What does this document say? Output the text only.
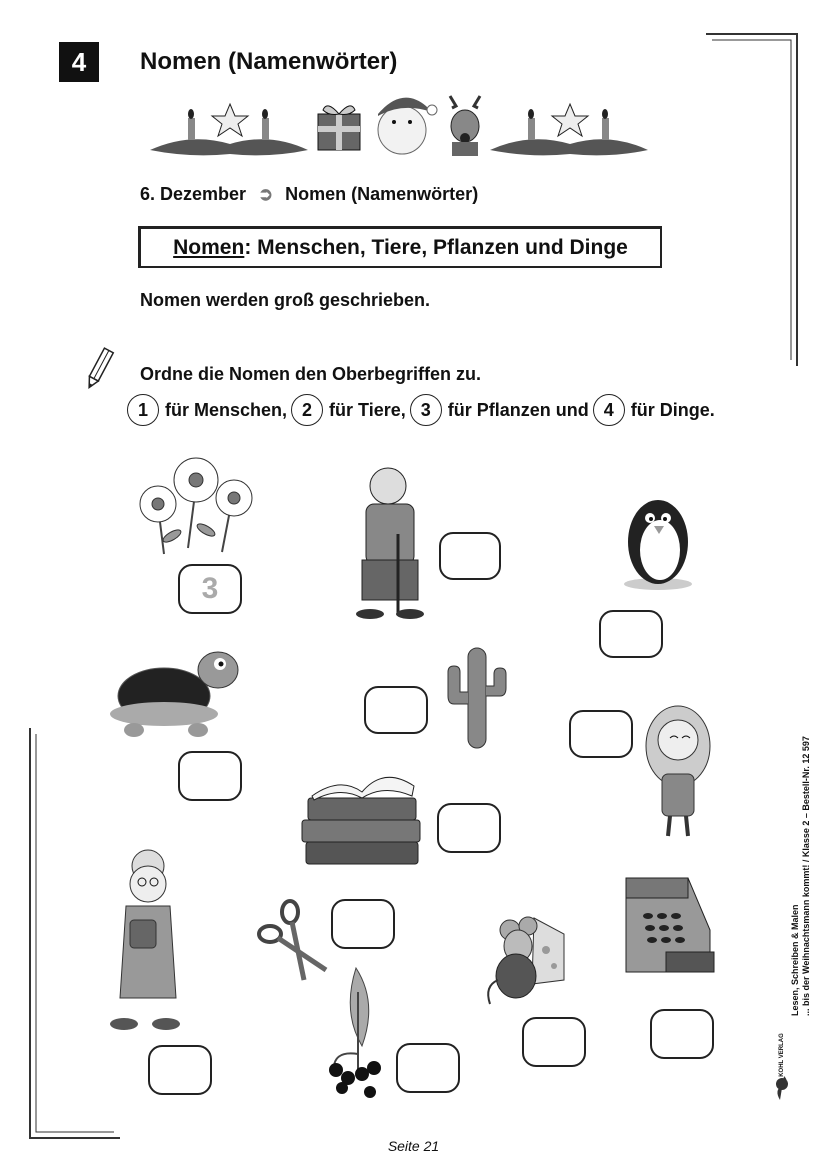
4	Nomen (Namenwörter)
6. Dezember ➲ Nomen (Namenwörter)
Nomen : Menschen, Tiere, Pflanzen und Dinge
Nomen werden groß geschrieben.
Ordne die Nomen den Oberbegriffen zu.
1 für Menschen, 2 für Tiere, 3 für Pflanzen und 4 für Dinge.
3
Lesen, Schreiben & Malen ... bis der Weihnachtsmann kommt! / Klasse 2 – Bestell-Nr. 12 597
KOHL VERLAG
Seite 21
